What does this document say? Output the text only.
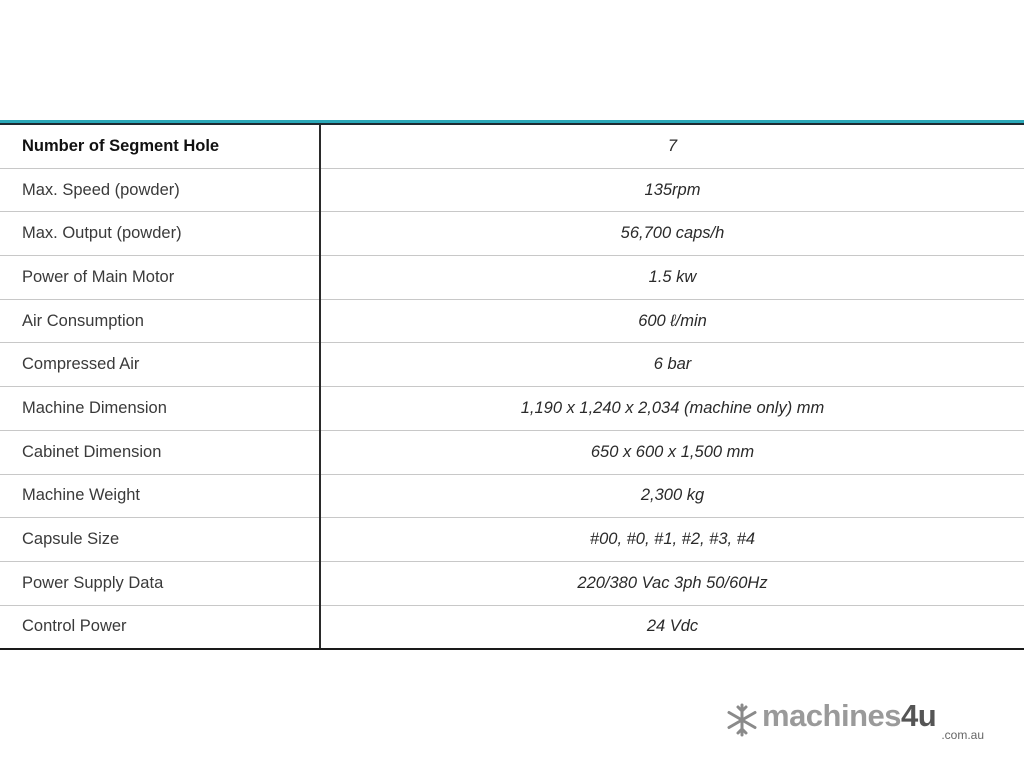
Number of Segment Hole	7
Max. Speed (powder)	135rpm
Max. Output (powder)	56,700 caps/h
Power of Main Motor	1.5 kw
Air Consumption	600 ℓ/min
Compressed Air	6 bar
Machine Dimension	1,190 x 1,240 x 2,034 (machine only) mm
Cabinet Dimension	650 x 600 x 1,500 mm
Machine Weight	2,300 kg
Capsule Size	#00, #0, #1, #2, #3, #4
Power Supply Data	220/380 Vac 3ph 50/60Hz
Control Power	24 Vdc
machines4u
.com.au
